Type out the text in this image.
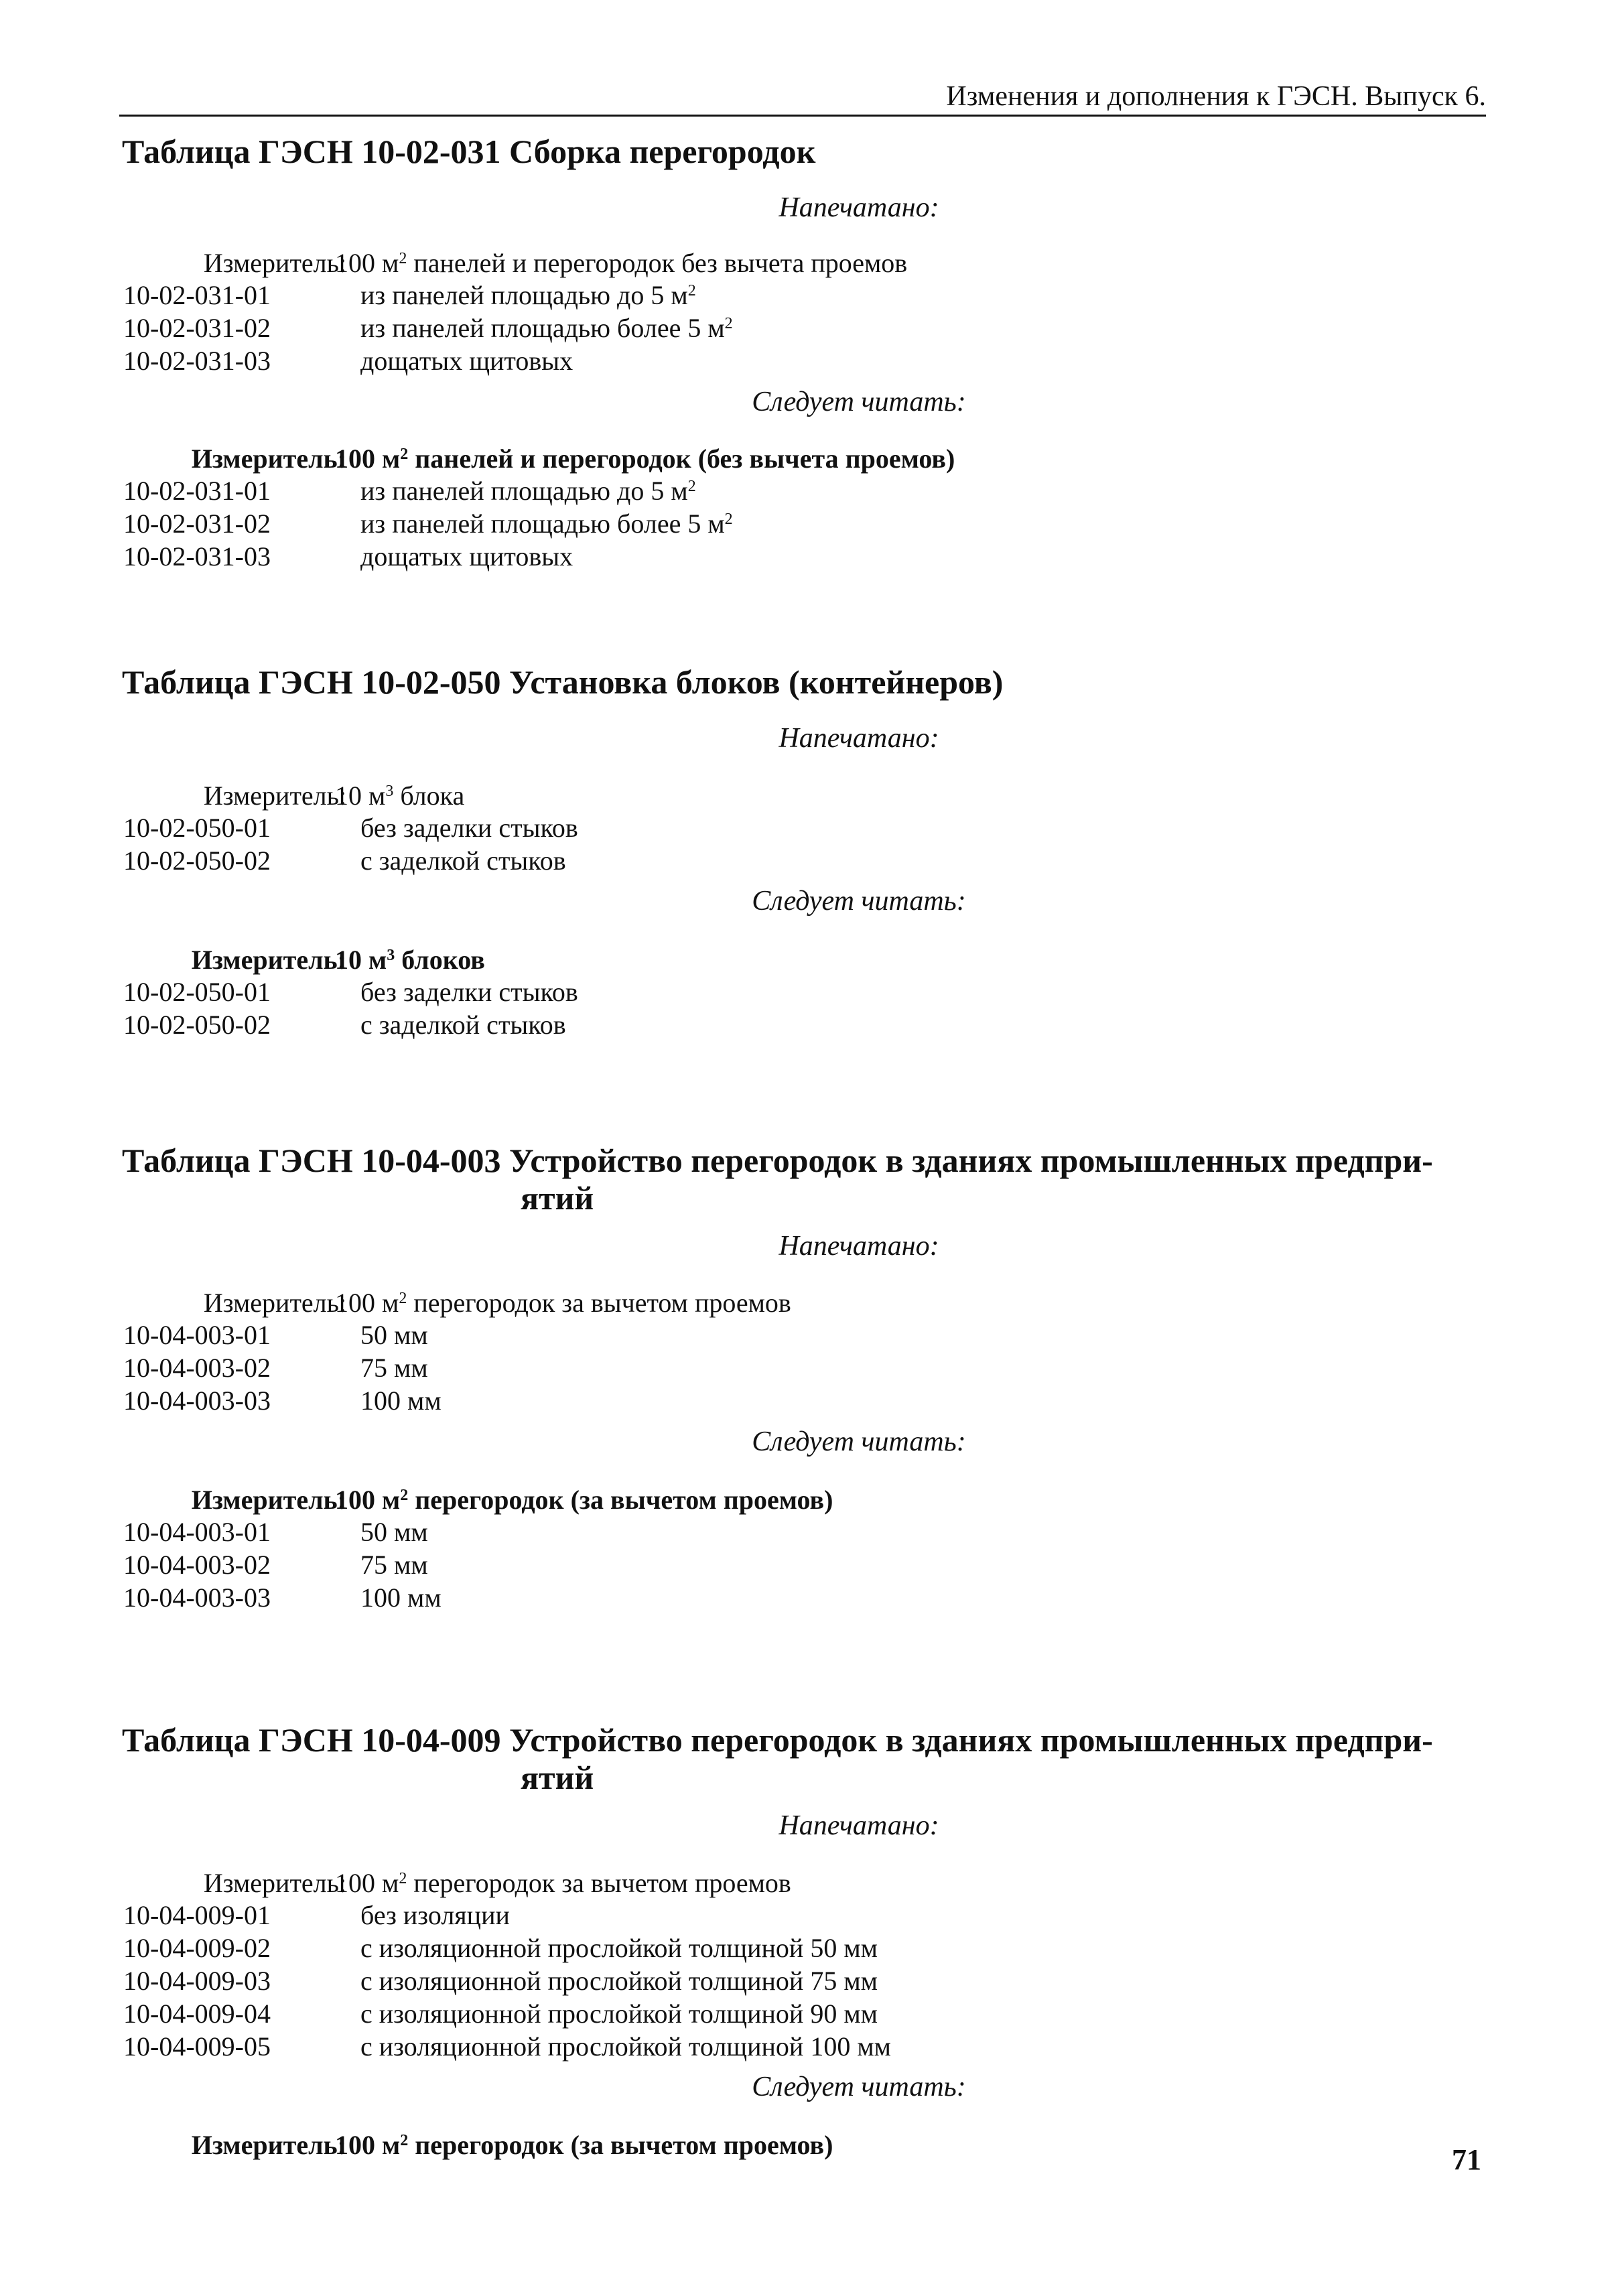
Изменения и дополнения к ГЭСН. Выпуск 6.
Таблица ГЭСН 10-02-031 Сборка перегородок
Напечатано:
Измеритель:
100 $м^2$ панелей и перегородок без вычета проемов
10-02-031-01	из панелей площадью до 5 $м^2$
10-02-031-02	из панелей площадью более 5 $м^2$
10-02-031-03	дощатых щитовых
Следует читать:
Измеритель:
100 $м^2$ панелей и перегородок (без вычета проемов)
10-02-031-01	из панелей площадью до 5 $м^2$
10-02-031-02	из панелей площадью более 5 $м^2$
10-02-031-03	дощатых щитовых
Таблица ГЭСН 10-02-050 Установка блоков (контейнеров)
Напечатано:
Измеритель:
10 $м^3$ блока
10-02-050-01	без заделки стыков
10-02-050-02	с заделкой стыков
Следует читать:
Измеритель:
10 $м^3$ блоков
10-02-050-01	без заделки стыков
10-02-050-02	с заделкой стыков
Таблица ГЭСН 10-04-003 Устройство перегородок в зданиях промышленных предпри-
ятий
Напечатано:
Измеритель:
100 $м^2$ перегородок за вычетом проемов
10-04-003-01	50 мм
10-04-003-02	75 мм
10-04-003-03	100 мм
Следует читать:
Измеритель:
100 $м^2$ перегородок (за вычетом проемов)
10-04-003-01	50 мм
10-04-003-02	75 мм
10-04-003-03	100 мм
Таблица ГЭСН 10-04-009 Устройство перегородок в зданиях промышленных предпри-
ятий
Напечатано:
Измеритель:
100 $м^2$ перегородок за вычетом проемов
10-04-009-01	без изоляции
10-04-009-02	с изоляционной прослойкой толщиной 50 мм
10-04-009-03	с изоляционной прослойкой толщиной 75 мм
10-04-009-04	с изоляционной прослойкой толщиной 90 мм
10-04-009-05	с изоляционной прослойкой толщиной 100 мм
Следует читать:
Измеритель:
100 $м^2$ перегородок (за вычетом проемов)	71
